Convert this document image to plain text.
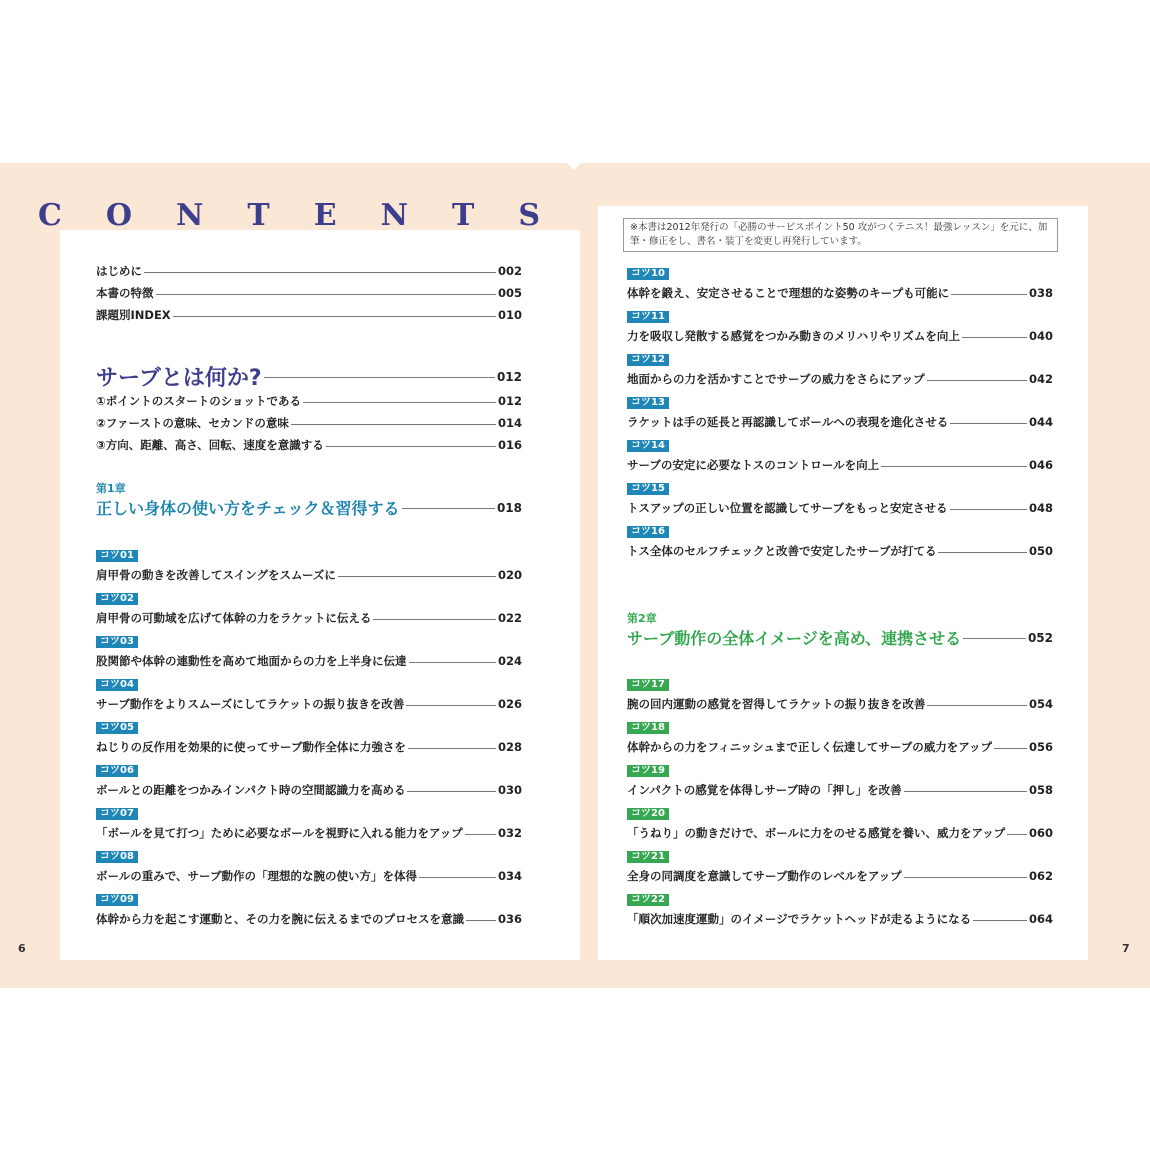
CONTENTS	※本書は2012年発行の「必勝のサービスポイント50 攻がつくテニス！最強レッスン」を元に、加筆・修正をし、書名・装丁を変更し再発行しています。
はじめに	002
本書の特徴	005
課題別INDEX	010
サーブとは何か?	012
①ポイントのスタートのショットである	012
②ファーストの意味、セカンドの意味	014
③方向、距離、高さ、回転、速度を意識する	016
第1章
正しい身体の使い方をチェック＆習得する	018
コツ01
肩甲骨の動きを改善してスイングをスムーズに	020
コツ02
肩甲骨の可動域を広げて体幹の力をラケットに伝える	022
コツ03
股関節や体幹の連動性を高めて地面からの力を上半身に伝達	024
コツ04
サーブ動作をよりスムーズにしてラケットの振り抜きを改善	026
コツ05
ねじりの反作用を効果的に使ってサーブ動作全体に力強さを	028
コツ06
ボールとの距離をつかみインパクト時の空間認識力を高める	030
コツ07
「ボールを見て打つ」ために必要なボールを視野に入れる能力をアップ	032
コツ08
ボールの重みで、サーブ動作の「理想的な腕の使い方」を体得	034
コツ09
体幹から力を起こす運動と、その力を腕に伝えるまでのプロセスを意識	036
コツ10
体幹を鍛え、安定させることで理想的な姿勢のキープも可能に	038
コツ11
力を吸収し発散する感覚をつかみ動きのメリハリやリズムを向上	040
コツ12
地面からの力を活かすことでサーブの威力をさらにアップ	042
コツ13
ラケットは手の延長と再認識してボールへの表現を進化させる	044
コツ14
サーブの安定に必要なトスのコントロールを向上	046
コツ15
トスアップの正しい位置を認識してサーブをもっと安定させる	048
コツ16
トス全体のセルフチェックと改善で安定したサーブが打てる	050
第2章
サーブ動作の全体イメージを高め、連携させる	052
コツ17
腕の回内運動の感覚を習得してラケットの振り抜きを改善	054
コツ18
体幹からの力をフィニッシュまで正しく伝達してサーブの威力をアップ	056
コツ19
インパクトの感覚を体得しサーブ時の「押し」を改善	058
コツ20
「うねり」の動きだけで、ボールに力をのせる感覚を養い、威力をアップ 060
コツ21
全身の同調度を意識してサーブ動作のレベルをアップ	062
コツ22
「順次加速度運動」のイメージでラケットヘッドが走るようになる	064
6	7
